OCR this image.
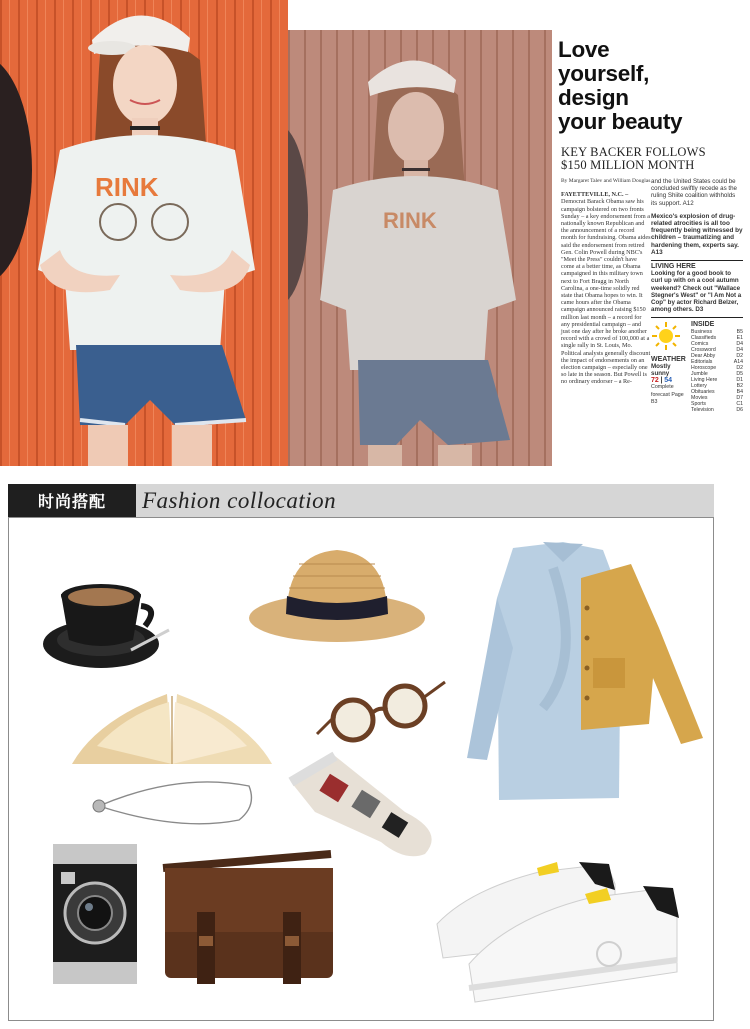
RINK
RINK
Love
yourself,
design
your beauty
KEY BACKER FOLLOWS
$150 MILLION MONTH
By Margaret Talev and William Douglas
FAYETTEVILLE, N.C. – Democrat Barack Obama saw his campaign bolstered on two fronts Sunday – a key endorsement from a nationally known Republican and the announcement of a record month for fundraising. Obama aides said the endorsement from retired Gen. Colin Powell during NBC's "Meet the Press" couldn't have come at a better time, as Obama campaigned in this military town next to Fort Bragg in North Carolina, a one-time solidly red state that Obama hopes to win. It came hours after the Obama campaign announced raising $150 million last month – a record for any presidential campaign – and just one day after he broke another record with a crowd of 100,000 at a single rally in St. Louis, Mo. Political analysts generally discount the impact of endorsements on an election campaign – especially one so late in the season. But Powell is no ordinary endorser – a Re-
and the United States could be concluded swiftly recede as the ruling Shiite coalition withholds its support. A12
Mexico's explosion of drug-related atrocities is all too frequently being witnessed by children – traumatizing and hardening them, experts say. A13
LIVING HERE
Looking for a good book to curl up with on a cool autumn weekend? Check out "Wallace Stegner's West" or "I Am Not a Cop" by actor Richard Belzer, among others. D3
WEATHER
Mostly sunny
72 | 54
Complete forecast Page B3
INSIDE
Business	B5
Classifieds	E1
Comics	D4
Crossword	D4
Dear Abby	D2
Editorials	A14
Horoscope	D2
Jumble	D5
Living Here	D1
Lottery	B2
Obituaries	B4
Movies	D7
Sports	C1
Television	D6
时尚搭配	Fashion collocation
